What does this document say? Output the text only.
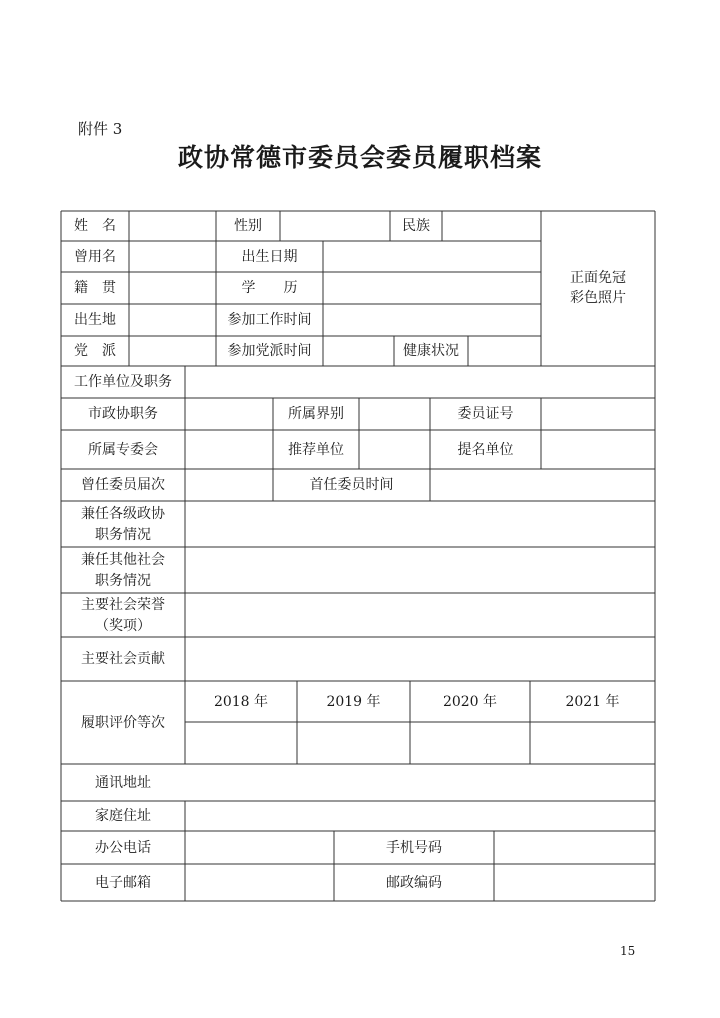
附件 3
政协常德市委员会委员履职档案
姓　名	性别	民族
正面免冠
彩色照片
曾用名	出生日期
籍　贯	学　　历
出生地	参加工作时间
党　派	参加党派时间	健康状况
工作单位及职务
市政协职务	所属界别	委员证号
所属专委会	推荐单位	提名单位
曾任委员届次	首任委员时间
兼任各级政协
职务情况
兼任其他社会
职务情况
主要社会荣誉
（奖项）
主要社会贡献
履职评价等次
2018 年	2019 年	2020 年	2021 年
通讯地址
家庭住址
办公电话	手机号码
电子邮箱	邮政编码
15
